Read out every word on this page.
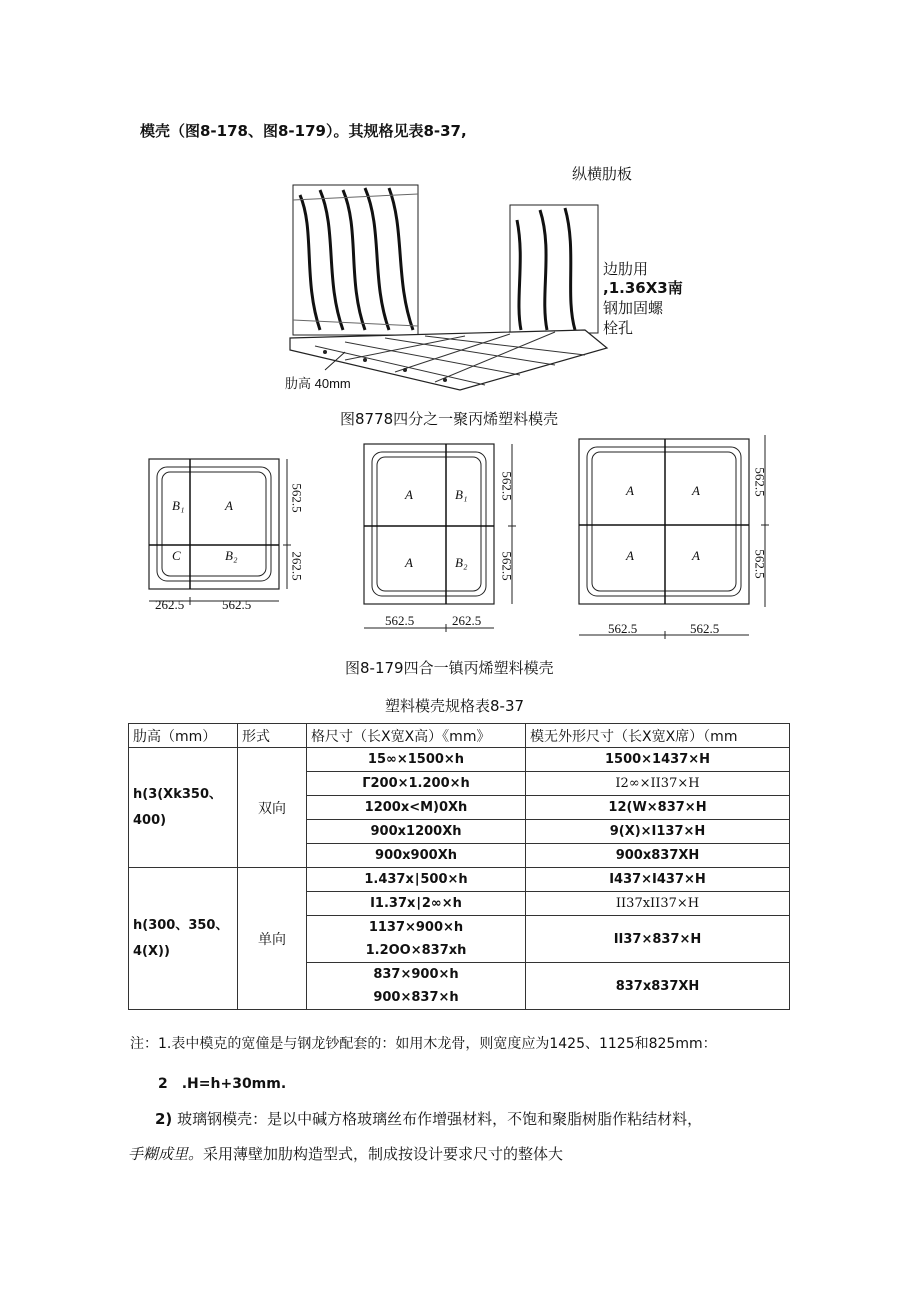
模壳（图8-178、图8-179）。其规格见表8-37,
纵横肋板
边肋用
,1.36X3南
钢加固螺
栓孔
肋高 40mm
图8778四分之一聚丙烯塑料模壳
B₁	A
C	B₂
562.5
262.5
262.5	562.5
A	B₁
A	B₂
562.5
562.5
562.5	262.5
A	A
A	A
562.5
562.5
562.5	562.5
图8-179四合一镇丙烯塑料模壳
塑料模壳规格表8-37
肋高（mm）	形式	格尺寸（长X宽X高）《mm》	模无外形尺寸（长X宽X席）（mm
h(3(Xk350、
400)	双向	15∞×1500×h	1500×1437×H
		Γ200×1.200×h	I2∞×II37×H
		1200x<M)0Xh	12(W×837×H
		900x1200Xh	9(X)×I137×H
		900x900Xh	900x837XH
h(300、350、
4(X))	单向	1.437x∣500×h	I437×I437×H
		I1.37x∣2∞×h	II37xII37×H
		1137×900×h	II37×837×H
		1.2OO×837xh	
		837×900×h	837x837XH
		900×837×h	
注：1.表中模克的宽僮是与钢龙钞配套的：如用木龙骨，则宽度应为1425、1125和825mm：
2　.H=h+30mm.
2) 玻璃钢模壳：是以中碱方格玻璃丝布作增强材料，不饱和聚脂树脂作粘结材料，
手糊成里。采用薄壁加肋构造型式，制成按设计要求尺寸的整体大
